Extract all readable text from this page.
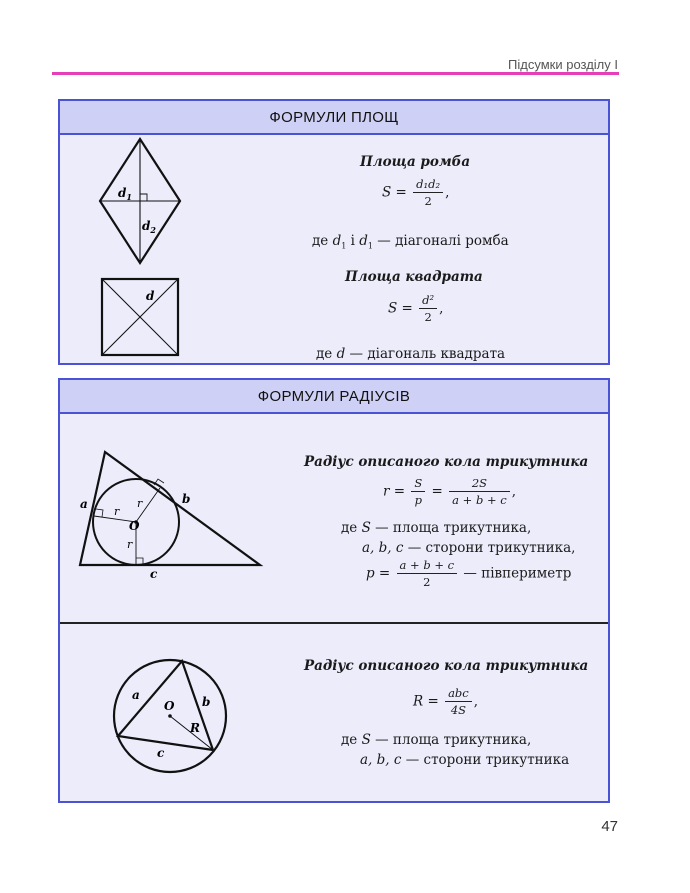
Підсумки розділу І
ФОРМУЛИ ПЛОЩ
$d_1$
$d_2$
d
Площа ромба
$S = \frac{\text{d₁d₂}}{2}$ ,
де $d_1$ і $d_1$ — діагоналі ромба
Площа квадрата
$S = \frac{\text{d²}}{2}$ ,
де d — діагональ квадрата
ФОРМУЛИ РАДІУСІВ
a	b
c
r
r
r
O
Радіус описаного кола трикутника
$r = \frac{S}{p} = \frac{2S}{a + b + c}$ ,
де S — площа трикутника,
a, b, c — сторони трикутника,
$p = \frac{a + b + c}{2}$ — півпериметр
a	b
c
O
R
Радіус описаного кола трикутника
$R = \frac{\text{abc}}{4S}$ ,
де S — площа трикутника,
a, b, c — сторони трикутника
47
